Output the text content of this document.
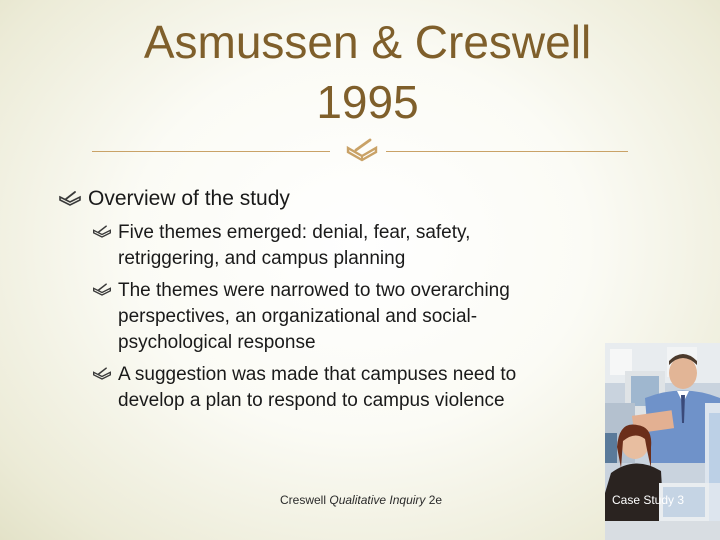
Asmussen & Creswell
1995
Overview of the study
Five themes emerged: denial, fear, safety, retriggering, and campus planning
The themes were narrowed to two overarching perspectives, an organizational and social-psychological response
A suggestion was made that campuses need to develop a plan to respond to campus violence
Creswell Qualitative Inquiry 2e	Case Study 3
